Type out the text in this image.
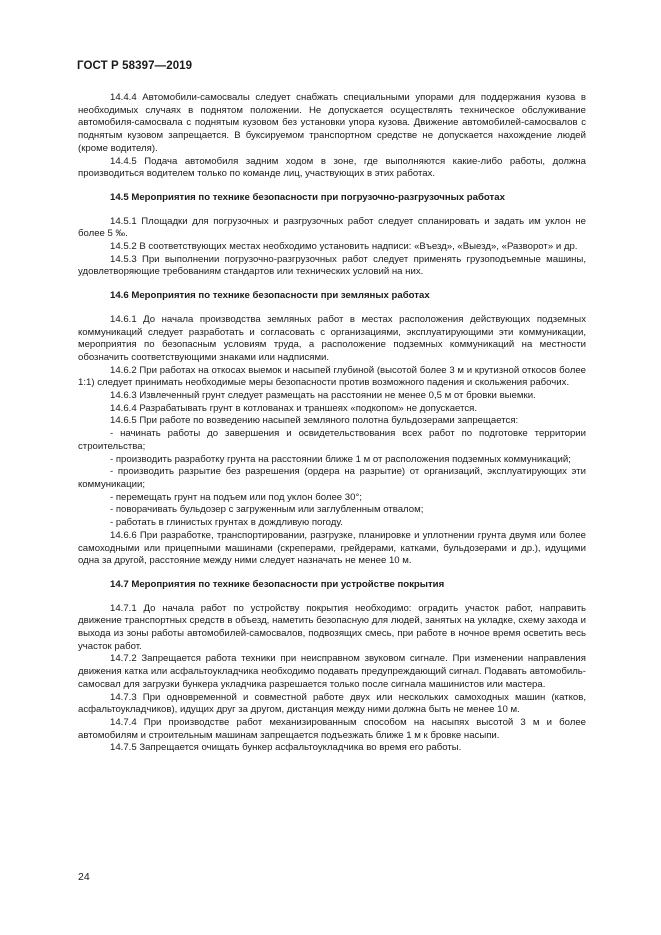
ГОСТ Р 58397—2019

14.4.4 Автомобили-самосвалы следует снабжать специальными упорами для поддержания кузова в необходимых случаях в поднятом положении. Не допускается осуществлять техническое обслуживание автомобиля-самосвала с поднятым кузовом без установки упора кузова. Движение автомобилей-самосвалов с поднятым кузовом запрещается. В буксируемом транспортном средстве не допускается нахождение людей (кроме водителя).

14.4.5 Подача автомобиля задним ходом в зоне, где выполняются какие-либо работы, должна производиться водителем только по команде лиц, участвующих в этих работах.

14.5 Мероприятия по технике безопасности при погрузочно-разгрузочных работах

14.5.1 Площадки для погрузочных и разгрузочных работ следует спланировать и задать им уклон не более 5 ‰.

14.5.2 В соответствующих местах необходимо установить надписи: «Въезд», «Выезд», «Разворот» и др.

14.5.3 При выполнении погрузочно-разгрузочных работ следует применять грузоподъемные машины, удовлетворяющие требованиям стандартов или технических условий на них.

14.6 Мероприятия по технике безопасности при земляных работах

14.6.1 До начала производства земляных работ в местах расположения действующих подземных коммуникаций следует разработать и согласовать с организациями, эксплуатирующими эти коммуникации, мероприятия по безопасным условиям труда, а расположение подземных коммуникаций на местности обозначить соответствующими знаками или надписями.

14.6.2 При работах на откосах выемок и насыпей глубиной (высотой более 3 м и крутизной откосов более 1:1) следует принимать необходимые меры безопасности против возможного падения и скольжения рабочих.

14.6.3 Извлеченный грунт следует размещать на расстоянии не менее 0,5 м от бровки выемки.

14.6.4 Разрабатывать грунт в котлованах и траншеях «подкопом» не допускается.

14.6.5 При работе по возведению насыпей земляного полотна бульдозерами запрещается:

- начинать работы до завершения и освидетельствования всех работ по подготовке территории строительства;

- производить разработку грунта на расстоянии ближе 1 м от расположения подземных коммуникаций;

- производить разрытие без разрешения (ордера на разрытие) от организаций, эксплуатирующих эти коммуникации;

- перемещать грунт на подъем или под уклон более 30°;

- поворачивать бульдозер с загруженным или заглубленным отвалом;

- работать в глинистых грунтах в дождливую погоду.

14.6.6 При разработке, транспортировании, разгрузке, планировке и уплотнении грунта двумя или более самоходными или прицепными машинами (скреперами, грейдерами, катками, бульдозерами и др.), идущими одна за другой, расстояние между ними следует назначать не менее 10 м.

14.7 Мероприятия по технике безопасности при устройстве покрытия

14.7.1 До начала работ по устройству покрытия необходимо: оградить участок работ, направить движение транспортных средств в объезд, наметить безопасную для людей, занятых на укладке, схему захода и выхода из зоны работы автомобилей-самосвалов, подвозящих смесь, при работе в ночное время осветить весь участок работ.

14.7.2 Запрещается работа техники при неисправном звуковом сигнале. При изменении направления движения катка или асфальтоукладчика необходимо подавать предупреждающий сигнал. Подавать автомобиль-самосвал для загрузки бункера укладчика разрешается только после сигнала машинистов или мастера.

14.7.3 При одновременной и совместной работе двух или нескольких самоходных машин (катков, асфальтоукладчиков), идущих друг за другом, дистанция между ними должна быть не менее 10 м.

14.7.4 При производстве работ механизированным способом на насыпях высотой 3 м и более автомобилям и строительным машинам запрещается подъезжать ближе 1 м к бровке насыпи.

14.7.5 Запрещается очищать бункер асфальтоукладчика во время его работы.

24
